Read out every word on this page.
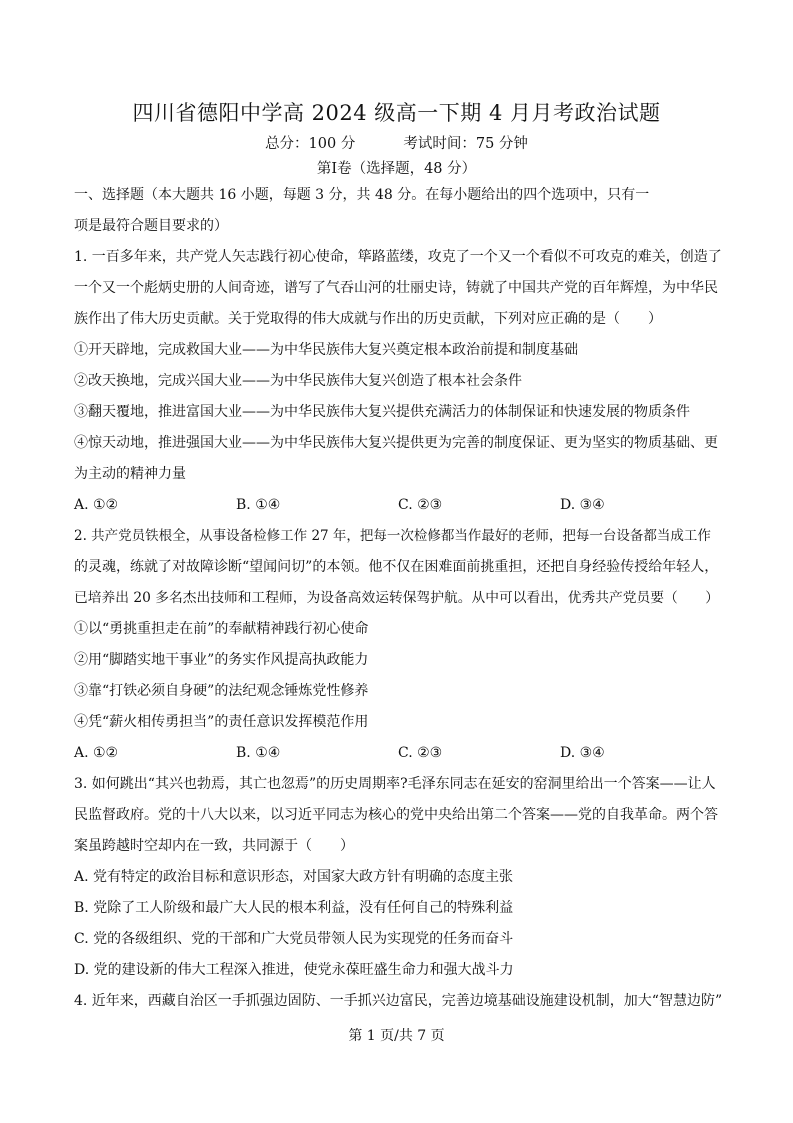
四川省德阳中学高 2024 级高一下期 4 月月考政治试题
总分：100 分	考试时间：75 分钟
第Ⅰ卷（选择题，48 分）
一、选择题（本大题共 16 小题，每题 3 分，共 48 分。在每小题给出的四个选项中，只有一
项是最符合题目要求的）
1. 一百多年来，共产党人矢志践行初心使命，筚路蓝缕，攻克了一个又一个看似不可攻克的难关，创造了
一个又一个彪炳史册的人间奇迹，谱写了气吞山河的壮丽史诗，铸就了中国共产党的百年辉煌，为中华民
族作出了伟大历史贡献。关于党取得的伟大成就与作出的历史贡献，下列对应正确的是（　　）
①开天辟地，完成救国大业——为中华民族伟大复兴奠定根本政治前提和制度基础
②改天换地，完成兴国大业——为中华民族伟大复兴创造了根本社会条件
③翻天覆地，推进富国大业——为中华民族伟大复兴提供充满活力的体制保证和快速发展的物质条件
④惊天动地，推进强国大业——为中华民族伟大复兴提供更为完善的制度保证、更为坚实的物质基础、更
为主动的精神力量
A. ①②	B. ①④	C. ②③	D. ③④
2. 共产党员铁根全，从事设备检修工作 27 年，把每一次检修都当作最好的老师，把每一台设备都当成工作
的灵魂，练就了对故障诊断“望闻问切”的本领。他不仅在困难面前挑重担，还把自身经验传授给年轻人，
已培养出 20 多名杰出技师和工程师，为设备高效运转保驾护航。从中可以看出，优秀共产党员要（　　）
①以“勇挑重担走在前”的奉献精神践行初心使命
②用“脚踏实地干事业”的务实作风提高执政能力
③靠“打铁必须自身硬”的法纪观念锤炼党性修养
④凭“薪火相传勇担当”的责任意识发挥模范作用
A. ①②	B. ①④	C. ②③	D. ③④
3. 如何跳出“其兴也勃焉，其亡也忽焉”的历史周期率?毛泽东同志在延安的窑洞里给出一个答案——让人
民监督政府。党的十八大以来，以习近平同志为核心的党中央给出第二个答案——党的自我革命。两个答
案虽跨越时空却内在一致，共同源于（　　）
A. 党有特定的政治目标和意识形态，对国家大政方针有明确的态度主张
B. 党除了工人阶级和最广大人民的根本利益，没有任何自己的特殊利益
C. 党的各级组织、党的干部和广大党员带领人民为实现党的任务而奋斗
D. 党的建设新的伟大工程深入推进，使党永葆旺盛生命力和强大战斗力
4. 近年来，西藏自治区一手抓强边固防、一手抓兴边富民，完善边境基础设施建设机制，加大“智慧边防”
第 1 页/共 7 页
